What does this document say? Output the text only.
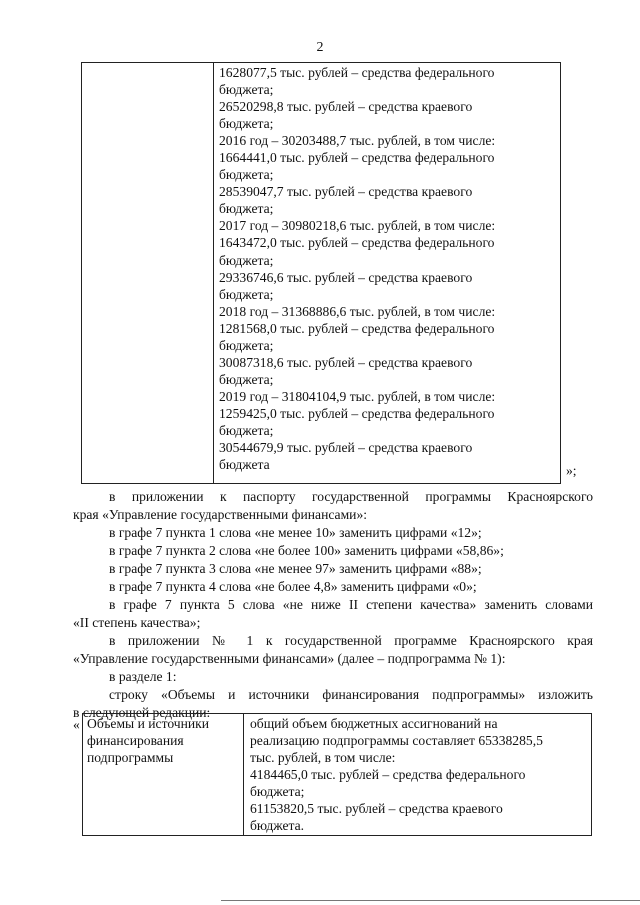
2

1628077,5 тыс. рублей – средства федерального
бюджета;
26520298,8 тыс. рублей – средства краевого
бюджета;
2016 год – 30203488,7 тыс. рублей, в том числе:
1664441,0 тыс. рублей – средства федерального
бюджета;
28539047,7 тыс. рублей – средства краевого
бюджета;
2017 год – 30980218,6 тыс. рублей, в том числе:
1643472,0 тыс. рублей – средства федерального
бюджета;
29336746,6 тыс. рублей – средства краевого
бюджета;
2018 год – 31368886,6 тыс. рублей, в том числе:
1281568,0 тыс. рублей – средства федерального
бюджета;
30087318,6 тыс. рублей – средства краевого
бюджета;
2019 год – 31804104,9 тыс. рублей, в том числе:
1259425,0 тыс. рублей – средства федерального
бюджета;
30544679,9 тыс. рублей – средства краевого
бюджета	»;
в приложении к паспорту государственной программы Красноярского
края «Управление государственными финансами»:
в графе 7 пункта 1 слова «не менее 10» заменить цифрами «12»;
в графе 7 пункта 2 слова «не более 100» заменить цифрами «58,86»;
в графе 7 пункта 3 слова «не менее 97» заменить цифрами «88»;
в графе 7 пункта 4 слова «не более 4,8» заменить цифрами «0»;
в графе 7 пункта 5 слова «не ниже II степени качества» заменить словами
«II степень качества»;
в приложении № 1 к государственной программе Красноярского края
«Управление государственными финансами» (далее – подпрограмма № 1):
в разделе 1:
строку «Объемы и источники финансирования подпрограммы» изложить
в следующей редакции:
« Объемы и источники
финансирования
подпрограммы

общий объем бюджетных ассигнований на
реализацию подпрограммы составляет 65338285,5
тыс. рублей, в том числе:
4184465,0 тыс. рублей – средства федерального
бюджета;
61153820,5 тыс. рублей – средства краевого
бюджета.
